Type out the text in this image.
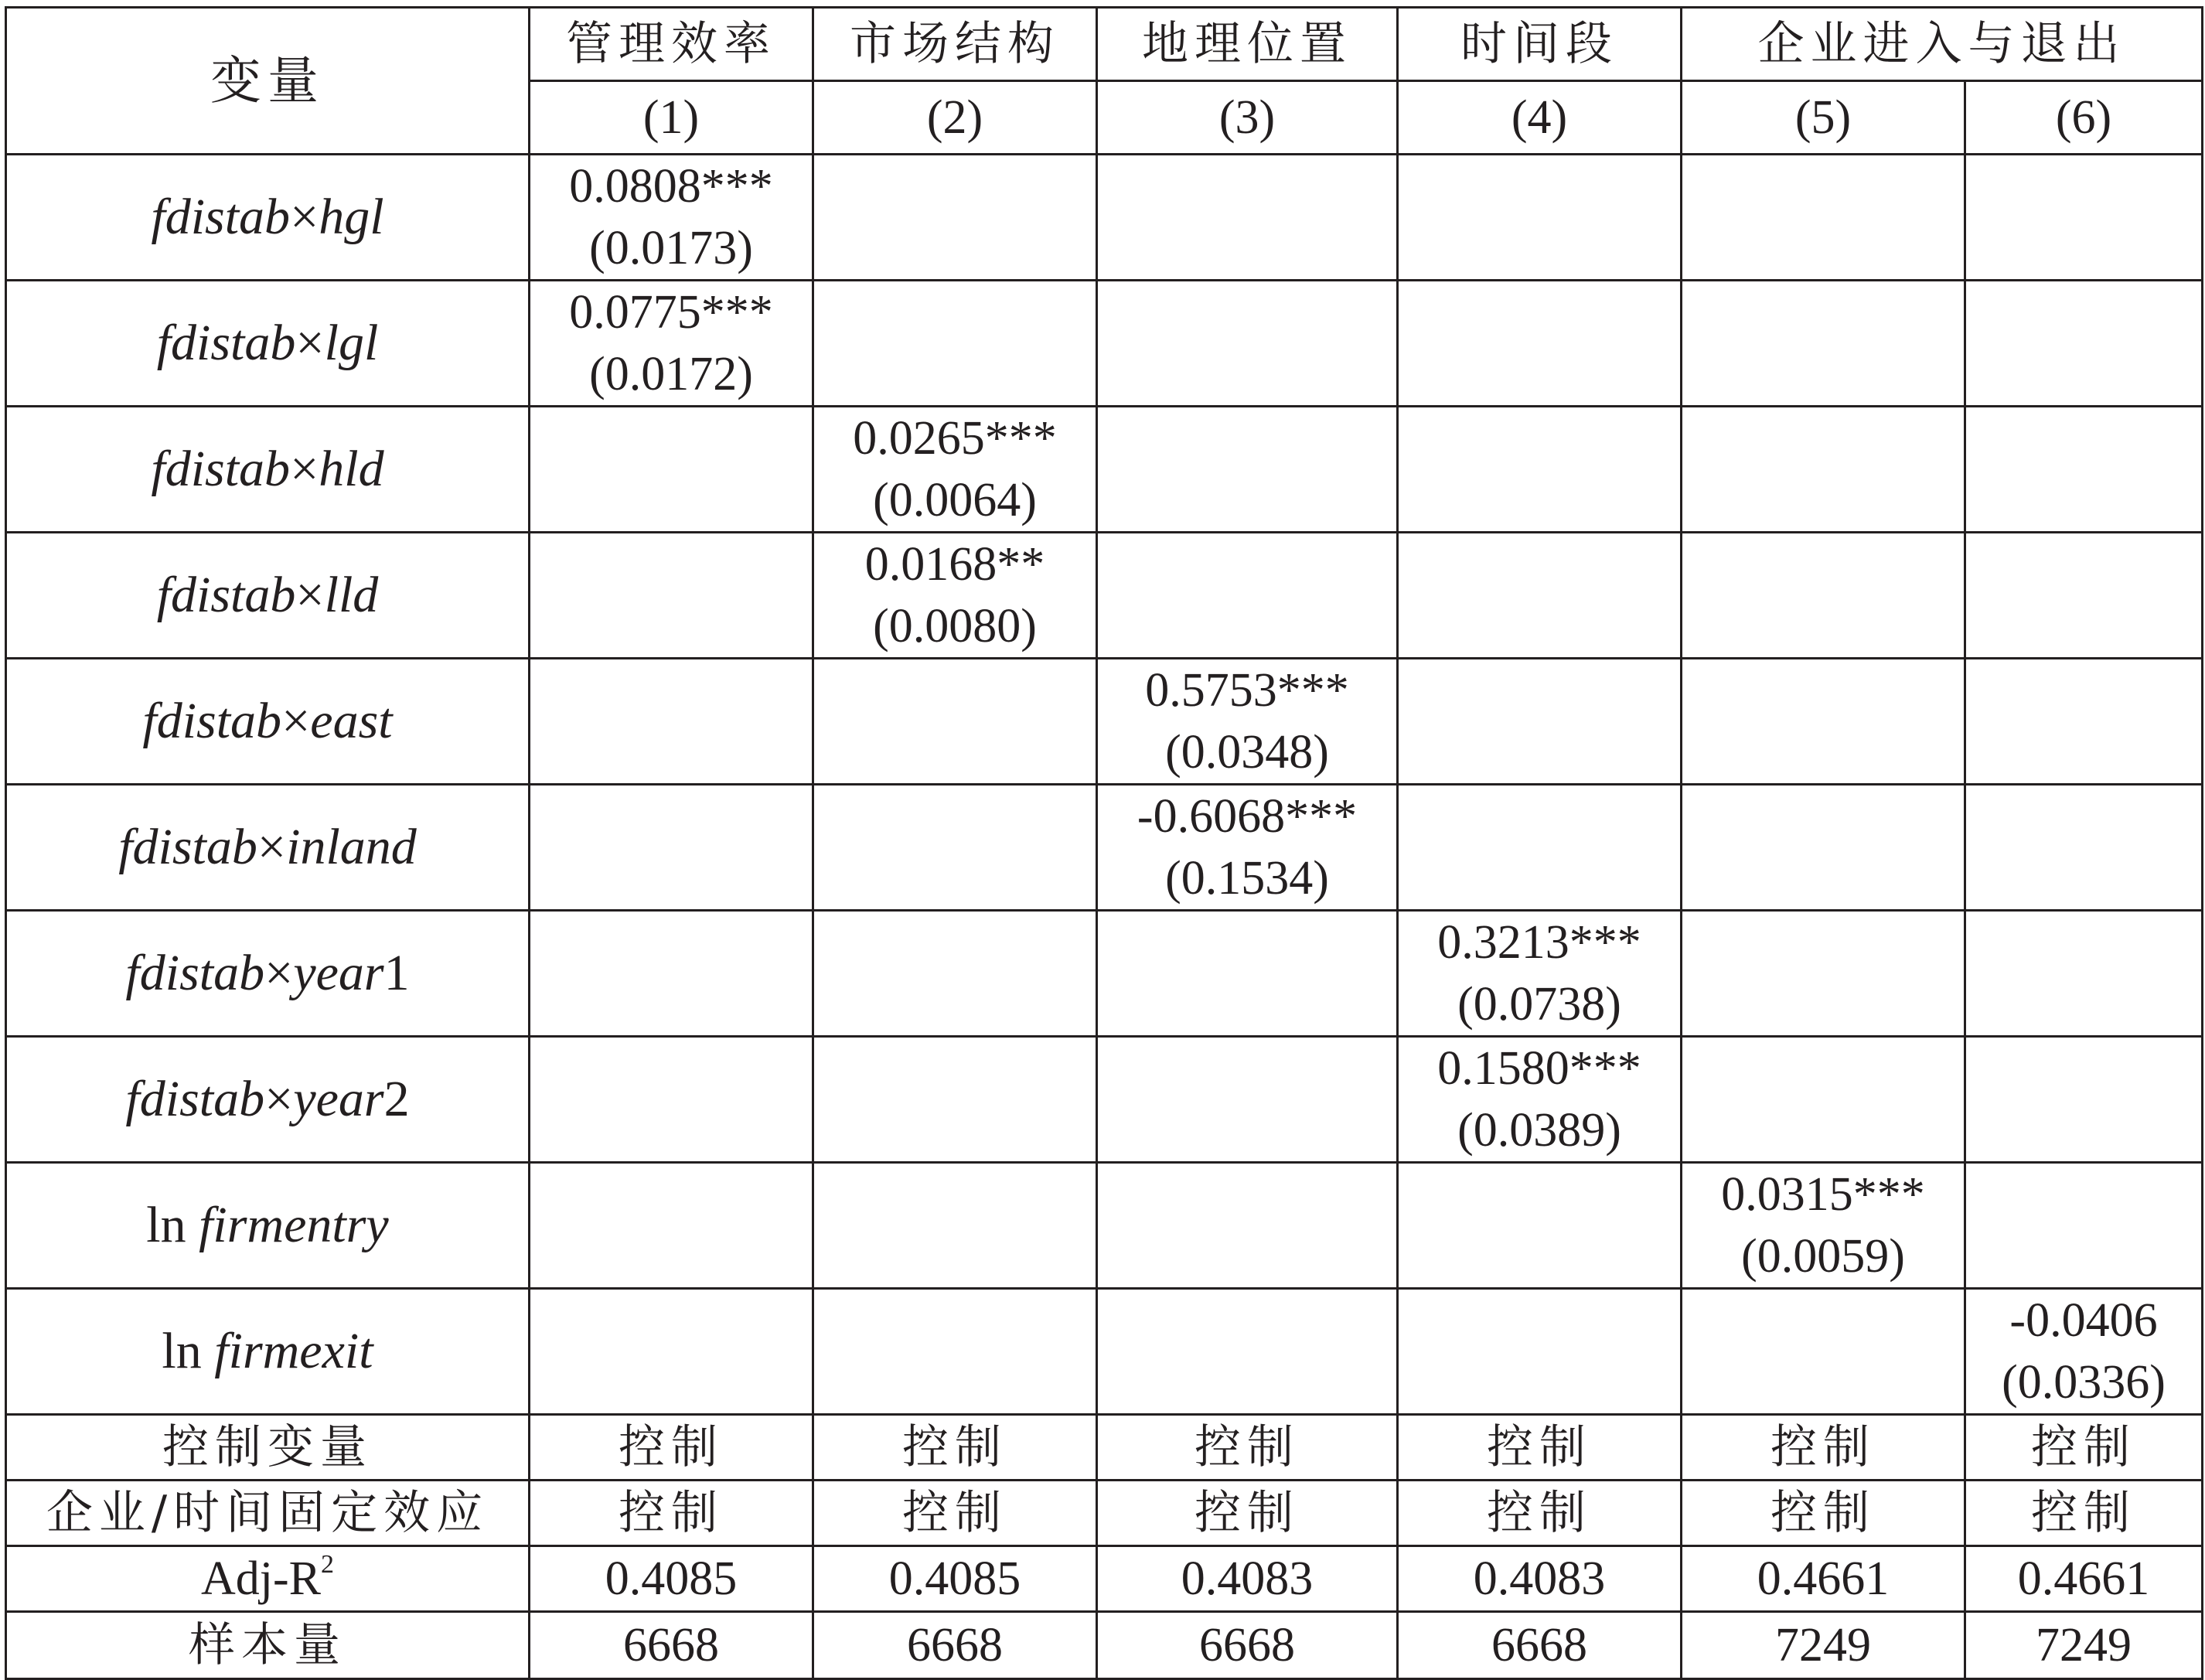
变量	管理效率	市场结构	地理位置	时间段	企业进入与退出	
	(1)	(2)	(3)	(4)	(5)	(6)
fdistab×hgl	0.0808***
(0.0173)					

fdistab×lgl	0.0775***
(0.0172)					

fdistab×hld		0.0265***
(0.0064)				

fdistab×lld		0.0168**
(0.0080)				

fdistab×east			0.5753***
(0.0348)			

fdistab×inland			-0.6068***
(0.1534)			

fdistab×year1				0.3213***
(0.0738)		

fdistab×year2				0.1580***
(0.0389)		

ln firmentry					0.0315***
(0.0059)	

ln firmexit						-0.0406
(0.0336)

控制变量	控制	控制	控制	控制	控制	控制
企业/时间固定效应	控制	控制	控制	控制	控制	控制
Adj-$R^2$	0.4085	0.4085	0.4083	0.4083	0.4661	0.4661
样本量	6668	6668	6668	6668	7249	7249
